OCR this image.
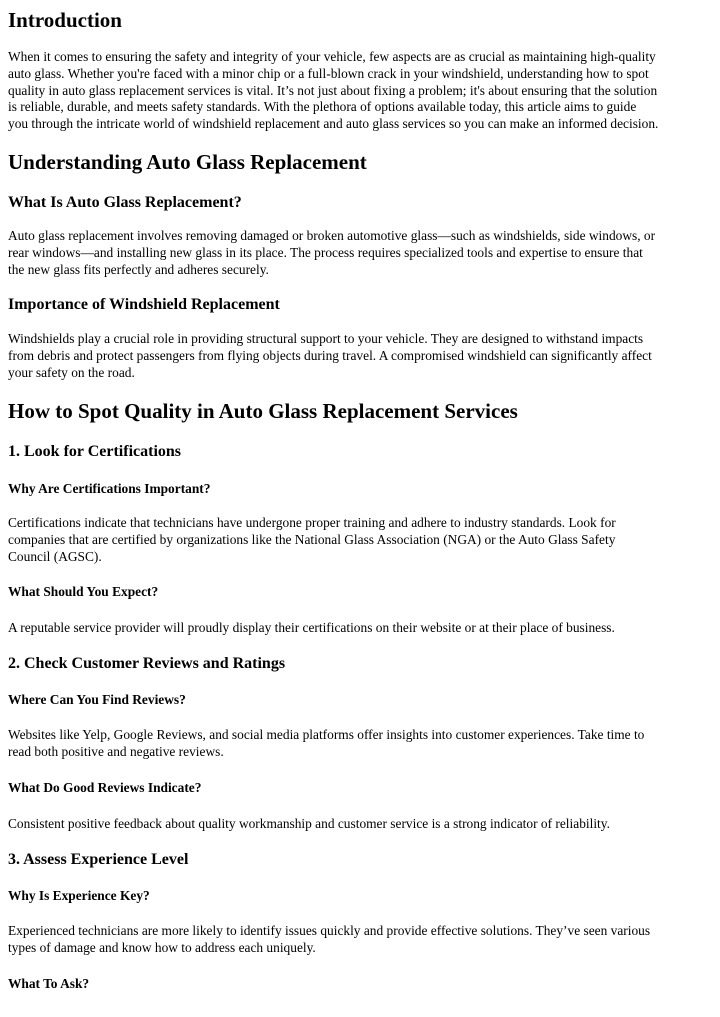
Introduction
When it comes to ensuring the safety and integrity of your vehicle, few aspects are as crucial as maintaining high-quality
auto glass. Whether you're faced with a minor chip or a full-blown crack in your windshield, understanding how to spot
quality in auto glass replacement services is vital. It’s not just about fixing a problem; it's about ensuring that the solution
is reliable, durable, and meets safety standards. With the plethora of options available today, this article aims to guide
you through the intricate world of windshield replacement and auto glass services so you can make an informed decision.
Understanding Auto Glass Replacement
What Is Auto Glass Replacement?
Auto glass replacement involves removing damaged or broken automotive glass—such as windshields, side windows, or
rear windows—and installing new glass in its place. The process requires specialized tools and expertise to ensure that
the new glass fits perfectly and adheres securely.
Importance of Windshield Replacement
Windshields play a crucial role in providing structural support to your vehicle. They are designed to withstand impacts
from debris and protect passengers from flying objects during travel. A compromised windshield can significantly affect
your safety on the road.
How to Spot Quality in Auto Glass Replacement Services
1. Look for Certifications
Why Are Certifications Important?
Certifications indicate that technicians have undergone proper training and adhere to industry standards. Look for
companies that are certified by organizations like the National Glass Association (NGA) or the Auto Glass Safety
Council (AGSC).
What Should You Expect?
A reputable service provider will proudly display their certifications on their website or at their place of business.
2. Check Customer Reviews and Ratings
Where Can You Find Reviews?
Websites like Yelp, Google Reviews, and social media platforms offer insights into customer experiences. Take time to
read both positive and negative reviews.
What Do Good Reviews Indicate?
Consistent positive feedback about quality workmanship and customer service is a strong indicator of reliability.
3. Assess Experience Level
Why Is Experience Key?
Experienced technicians are more likely to identify issues quickly and provide effective solutions. They’ve seen various
types of damage and know how to address each uniquely.
What To Ask?
